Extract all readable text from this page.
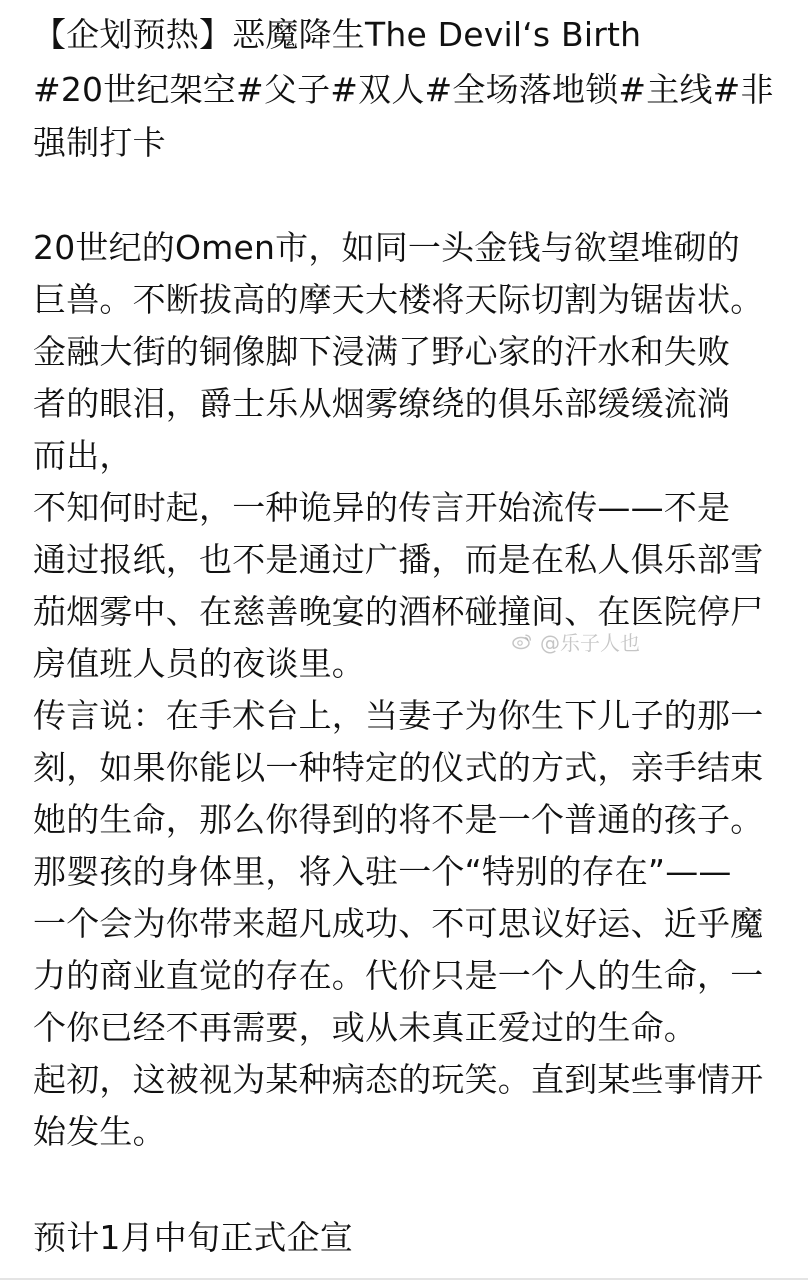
【企划预热】恶魔降生The Devil‘s Birth
#20世纪架空#父子#双人#全场落地锁#主线#非
强制打卡
20世纪的Omen市，如同一头金钱与欲望堆砌的
巨兽。不断拔高的摩天大楼将天际切割为锯齿状。
金融大街的铜像脚下浸满了野心家的汗水和失败
者的眼泪，爵士乐从烟雾缭绕的俱乐部缓缓流淌
而出，
不知何时起，一种诡异的传言开始流传——不是
通过报纸，也不是通过广播，而是在私人俱乐部雪
茄烟雾中、在慈善晚宴的酒杯碰撞间、在医院停尸
房值班人员的夜谈里。
传言说：在手术台上，当妻子为你生下儿子的那一
刻，如果你能以一种特定的仪式的方式，亲手结束
她的生命，那么你得到的将不是一个普通的孩子。
那婴孩的身体里，将入驻一个“特别的存在”——
一个会为你带来超凡成功、不可思议好运、近乎魔
力的商业直觉的存在。代价只是一个人的生命，一
个你已经不再需要，或从未真正爱过的生命。
起初，这被视为某种病态的玩笑。直到某些事情开
始发生。
预计1月中旬正式企宣
@乐子人也
